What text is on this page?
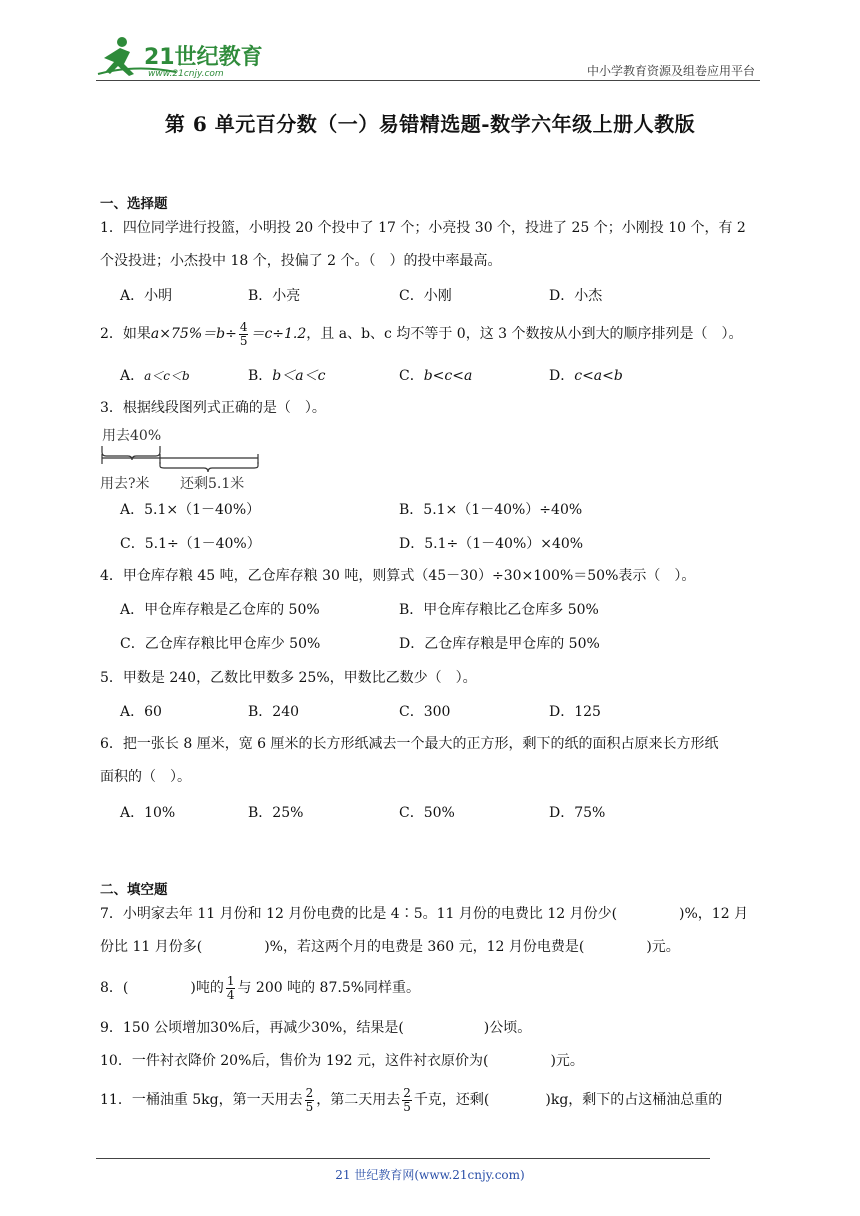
21世纪教育
www.21cnjy.com	中小学教育资源及组卷应用平台
第 6 单元百分数（一）易错精选题-数学六年级上册人教版
一、选择题
1．四位同学进行投篮，小明投 20 个投中了 17 个；小亮投 30 个，投进了 25 个；小刚投 10 个，有 2
个没投进；小杰投中 18 个，投偏了 2 个。（　）的投中率最高。
A．小明	B．小亮	C．小刚	D．小杰
2．如果$a\times 75\%=b\div \frac{4}{5} =c\div 1.2$，且 a、b、c 均不等于 0，这 3 个数按从小到大的顺序排列是（　）。
A．a＜c＜b	B．b＜a＜c	C．b<c<a	D．c<a<b
3．根据线段图列式正确的是（　）。
用去40%
用去?米 还剩5.1米
A．5.1×（1－40%）	B．5.1×（1－40%）÷40%
C．5.1÷（1－40%）	D．5.1÷（1－40%）×40%
4．甲仓库存粮 45 吨，乙仓库存粮 30 吨，则算式（45－30）÷30×100%＝50%表示（　）。
A．甲仓库存粮是乙仓库的 50%	B．甲仓库存粮比乙仓库多 50%
C．乙仓库存粮比甲仓库少 50%	D．乙仓库存粮是甲仓库的 50%
5．甲数是 240，乙数比甲数多 25%，甲数比乙数少（　）。
A．60	B．240	C．300	D．125
6．把一张长 8 厘米，宽 6 厘米的长方形纸减去一个最大的正方形，剩下的纸的面积占原来长方形纸
面积的（　）。
A．10%	B．25%	C．50%	D．75%
二、填空题
7．小明家去年 11 月份和 12 月份电费的比是 4∶5。11 月份的电费比 12 月份少(	)%，12 月
份比 11 月份多(	)%，若这两个月的电费是 360 元，12 月份电费是(	)元。
8．(	)吨的 $\frac{1}{4}$ 与 200 吨的 87.5%同样重。
9．150 公顷增加30%后，再减少30%，结果是(	)公顷。
10．一件衬衣降价 20%后，售价为 192 元，这件衬衣原价为(	)元。
11．一桶油重 5kg，第一天用去 $\frac{2}{5}$ ，第二天用去 $\frac{2}{5}$ 千克，还剩(	)kg，剩下的占这桶油总重的
21 世纪教育网(www.21cnjy.com)
